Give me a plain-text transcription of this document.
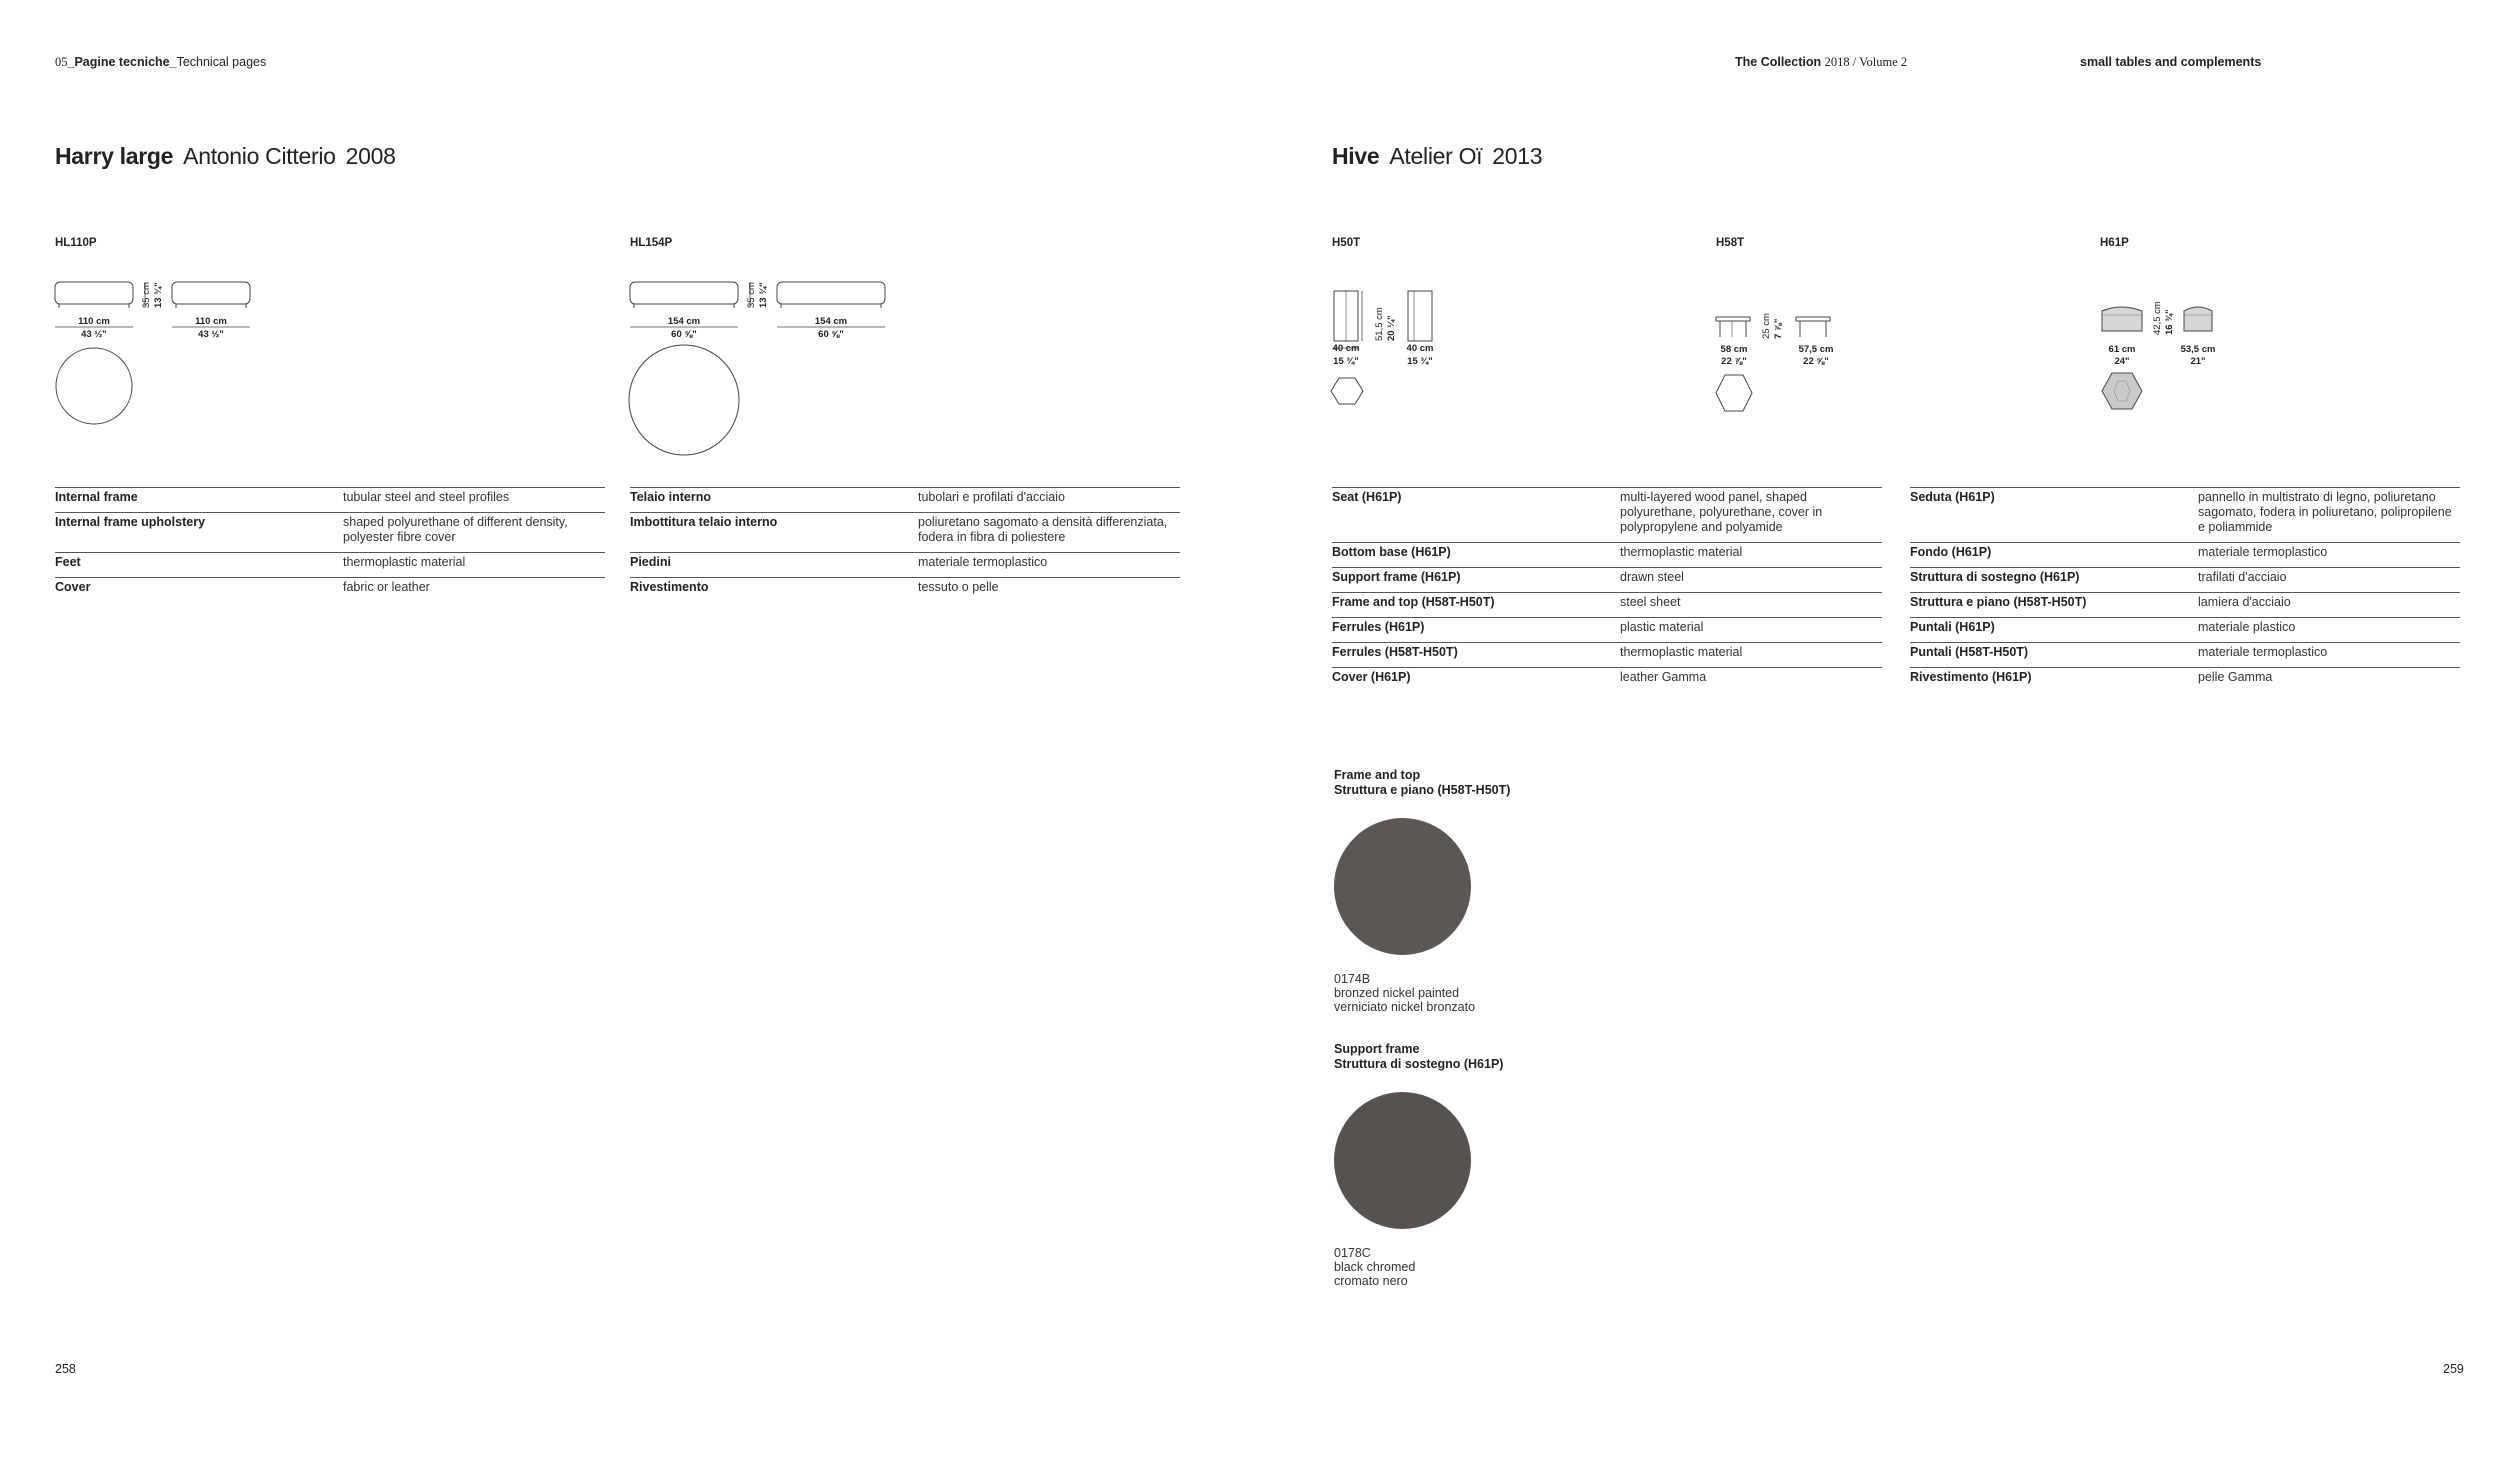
05_Pagine tecniche_Technical pages	The Collection 2018 / Volume 2	small tables and complements
Harry large Antonio Citterio 2008
HL110P	HL154P
35 cm 13 ¾"
110 cm
43 ½"
110 cm
43 ½"
35 cm 13 ¾"
154 cm
60 ⅝"
154 cm
60 ⅝"
Internal frame	tubular steel and steel profiles
Internal frame upholstery	shaped polyurethane of different density, polyester fibre cover
Feet	thermoplastic material
Cover	fabric or leather
Telaio interno	tubolari e profilati d'acciaio
Imbottitura telaio interno	poliuretano sagomato a densità differenziata, fodera in fibra di poliestere
Piedini	materiale termoplastico
Rivestimento	tessuto o pelle
258
Hive Atelier Oï 2013
H50T	H58T	H61P
51,5 cm 20 ¼"
40 cm
15 ¾"
40 cm
15 ¾"
25 cm 7 ⅞"
58 cm
22 ⅞"
57,5 cm
22 ⅝"
42,5 cm 16 ¾"
61 cm
24"
53,5 cm
21"
Seat (H61P)	multi-layered wood panel, shaped polyurethane, polyurethane, cover in polypropylene and polyamide
Bottom base (H61P)	thermoplastic material
Support frame (H61P)	drawn steel
Frame and top (H58T-H50T)	steel sheet
Ferrules (H61P)	plastic material
Ferrules (H58T-H50T)	thermoplastic material
Cover (H61P)	leather Gamma
Seduta (H61P)	pannello in multistrato di legno, poliuretano sagomato, fodera in poliuretano, polipropilene e poliammide
Fondo (H61P)	materiale termoplastico
Struttura di sostegno (H61P)	trafilati d'acciaio
Struttura e piano (H58T-H50T)	lamiera d'acciaio
Puntali (H61P)	materiale plastico
Puntali (H58T-H50T)	materiale termoplastico
Rivestimento (H61P)	pelle Gamma
Frame and top
Struttura e piano (H58T-H50T)
0174B
bronzed nickel painted
verniciato nickel bronzato
Support frame
Struttura di sostegno (H61P)
0178C
black chromed
cromato nero
259
